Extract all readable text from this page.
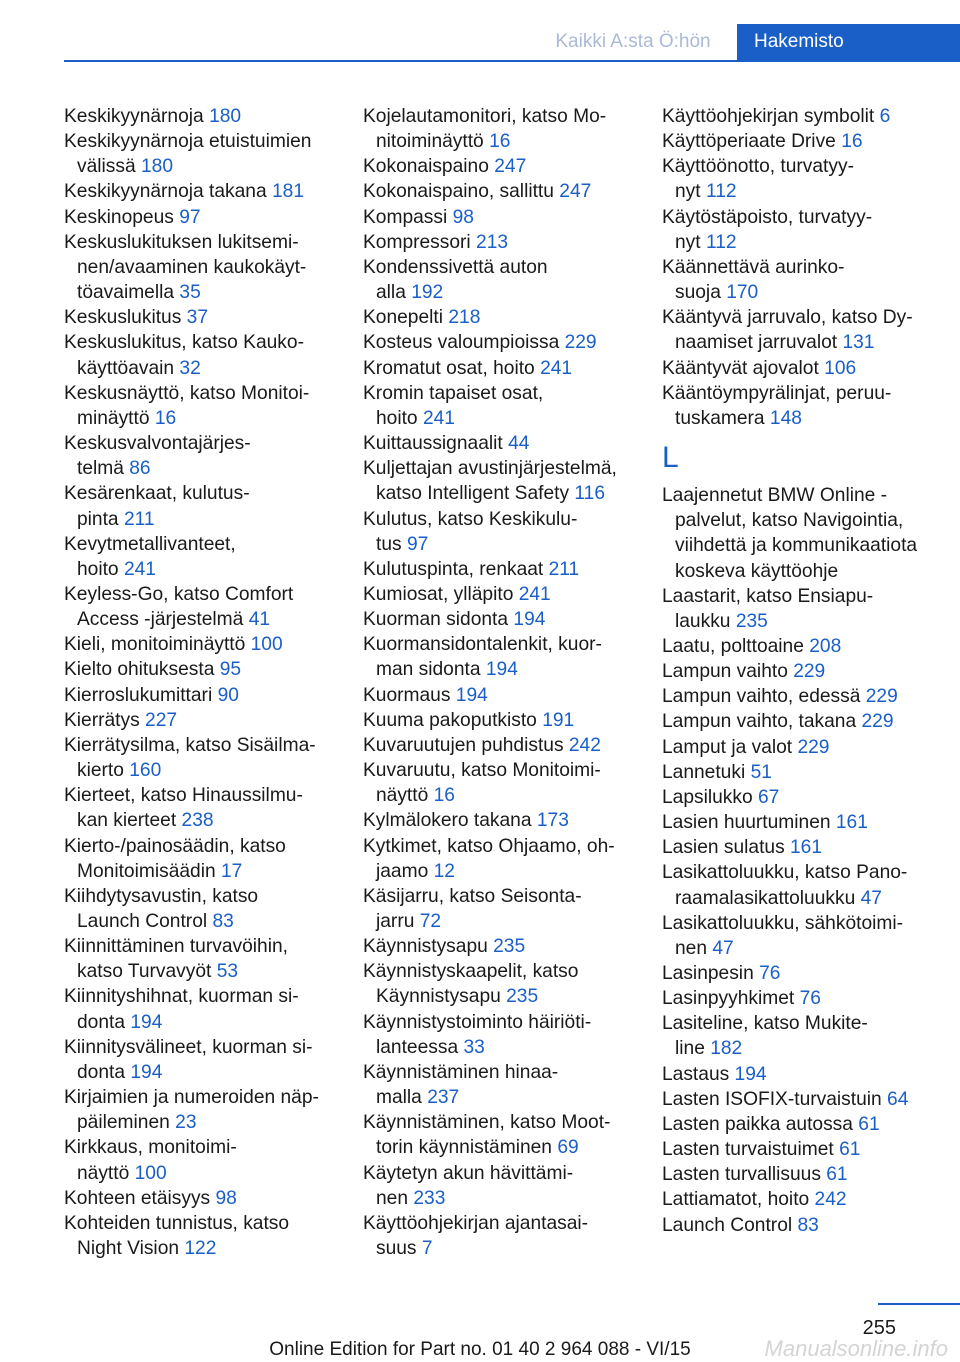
Kaikki A:sta Ö:hön	Hakemisto
Keskikyynärnoja 180
Keskikyynärnoja etuistuimien
välissä 180
Keskikyynärnoja takana 181
Keskinopeus 97
Keskuslukituksen lukitsemi‐
nen/avaaminen kaukokäyt‐
töavaimella 35
Keskuslukitus 37
Keskuslukitus, katso Kauko‐
käyttöavain 32
Keskusnäyttö, katso Monitoi‐
minäyttö 16
Keskusvalvontajärjes‐
telmä 86
Kesärenkaat, kulutus‐
pinta 211
Kevytmetallivanteet,
hoito 241
Keyless-Go, katso Comfort
Access -järjestelmä 41
Kieli, monitoiminäyttö 100
Kielto ohituksesta 95
Kierroslukumittari 90
Kierrätys 227
Kierrätysilma, katso Sisäilma‐
kierto 160
Kierteet, katso Hinaussilmu‐
kan kierteet 238
Kierto-/painosäädin, katso
Monitoimisäädin 17
Kiihdytysavustin, katso
Launch Control 83
Kiinnittäminen turvavöihin,
katso Turvavyöt 53
Kiinnityshihnat, kuorman si‐
donta 194
Kiinnitysvälineet, kuorman si‐
donta 194
Kirjaimien ja numeroiden näp‐
päileminen 23
Kirkkaus, monitoimi‐
näyttö 100
Kohteen etäisyys 98
Kohteiden tunnistus, katso
Night Vision 122
Kojelautamonitori, katso Mo‐
nitoiminäyttö 16
Kokonaispaino 247
Kokonaispaino, sallittu 247
Kompassi 98
Kompressori 213
Kondenssivettä auton
alla 192
Konepelti 218
Kosteus valoumpioissa 229
Kromatut osat, hoito 241
Kromin tapaiset osat,
hoito 241
Kuittaussignaalit 44
Kuljettajan avustinjärjestelmä,
katso Intelligent Safety 116
Kulutus, katso Keskikulu‐
tus 97
Kulutuspinta, renkaat 211
Kumiosat, ylläpito 241
Kuorman sidonta 194
Kuormansidontalenkit, kuor‐
man sidonta 194
Kuormaus 194
Kuuma pakoputkisto 191
Kuvaruutujen puhdistus 242
Kuvaruutu, katso Monitoimi‐
näyttö 16
Kylmälokero takana 173
Kytkimet, katso Ohjaamo, oh‐
jaamo 12
Käsijarru, katso Seisonta‐
jarru 72
Käynnistysapu 235
Käynnistyskaapelit, katso
Käynnistysapu 235
Käynnistystoiminto häiriöti‐
lanteessa 33
Käynnistäminen hinaa‐
malla 237
Käynnistäminen, katso Moot‐
torin käynnistäminen 69
Käytetyn akun hävittämi‐
nen 233
Käyttöohjekirjan ajantasai‐
suus 7
Käyttöohjekirjan symbolit 6
Käyttöperiaate Drive 16
Käyttöönotto, turvatyy‐
nyt 112
Käytöstäpoisto, turvatyy‐
nyt 112
Käännettävä aurinko‐
suoja 170
Kääntyvä jarruvalo, katso Dy‐
naamiset jarruvalot 131
Kääntyvät ajovalot 106
Kääntöympyrälinjat, peruu‐
tuskamera 148
L
Laajennetut BMW Online -
palvelut, katso Navigointia,
viihdettä ja kommunikaatiota
koskeva käyttöohje
Laastarit, katso Ensiapu‐
laukku 235
Laatu, polttoaine 208
Lampun vaihto 229
Lampun vaihto, edessä 229
Lampun vaihto, takana 229
Lamput ja valot 229
Lannetuki 51
Lapsilukko 67
Lasien huurtuminen 161
Lasien sulatus 161
Lasikattoluukku, katso Pano‐
raamalasikattoluukku 47
Lasikattoluukku, sähkötoimi‐
nen 47
Lasinpesin 76
Lasinpyyhkimet 76
Lasiteline, katso Mukite‐
line 182
Lastaus 194
Lasten ISOFIX-turvaistuin 64
Lasten paikka autossa 61
Lasten turvaistuimet 61
Lasten turvallisuus 61
Lattiamatot, hoito 242
Launch Control 83
255
Online Edition for Part no. 01 40 2 964 088 - VI/15	Manualsonline.info
